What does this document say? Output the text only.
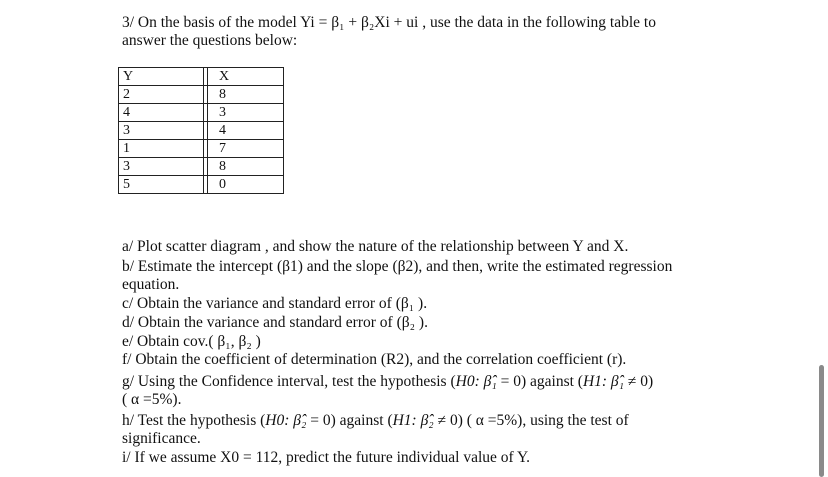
3/ On the basis of the model Yi = β₁ + β₂Xi + ui , use the data in the following table to
answer the questions below:

Y		X
2		8
4		3
3		4
1		7
3		8
5		0

a/ Plot scatter diagram , and show the nature of the relationship between Y and X.

b/ Estimate the intercept (β1) and the slope (β2), and then, write the estimated regression

equation.

c/ Obtain the variance and standard error of (β₁ ).

d/ Obtain the variance and standard error of (β₂ ).

e/ Obtain cov.( β₁, β₂ )

f/ Obtain the coefficient of determination (R2), and the correlation coefficient (r).

g/ Using the Confidence interval, test the hypothesis (H0: β̂₁ = 0) against (H1: β̂₁ ≠ 0)

( α =5%).

h/ Test the hypothesis (H0: β̂₂ = 0) against (H1: β̂₂ ≠ 0) ( α =5%), using the test of

significance.

i/ If we assume X0 = 112, predict the future individual value of Y.
